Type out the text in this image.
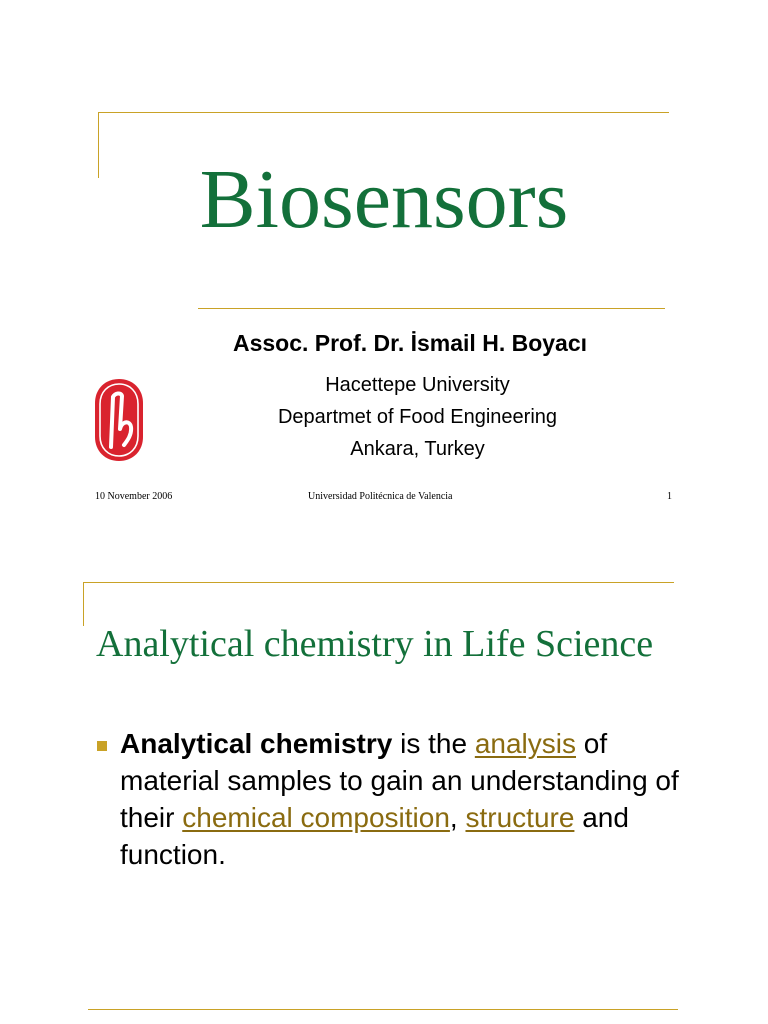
Biosensors
Assoc. Prof. Dr. İsmail H. Boyacı
Hacettepe University
Departmet of Food Engineering
Ankara, Turkey
10 November 2006	Universidad Politécnica de Valencia	1
Analytical chemistry in Life Science
Analytical chemistry is the analysis of material samples to gain an understanding of their chemical composition, structure and function.
